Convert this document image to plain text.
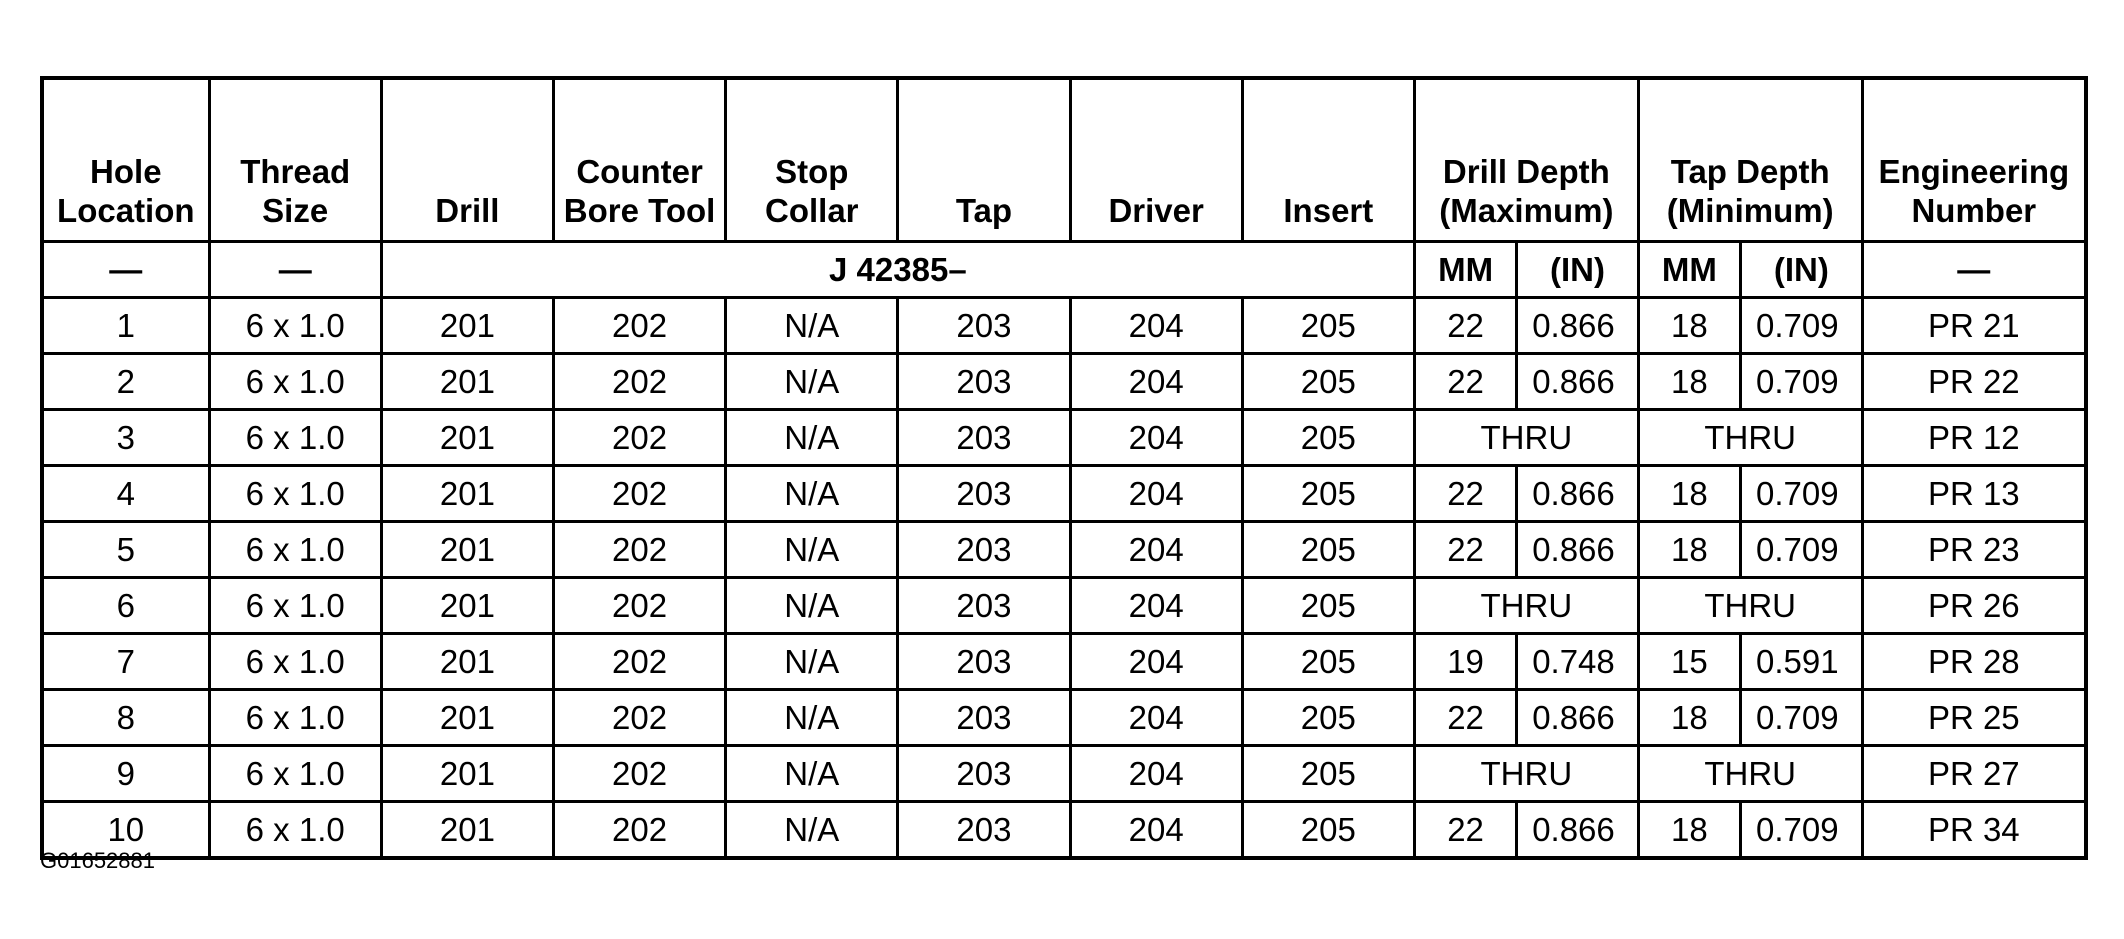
Hole Location	Thread Size	Drill	Counter Bore Tool	Stop Collar	Tap	Driver	Insert	Drill Depth (Maximum)		Tap Depth (Minimum)		Engineering Number
—	—	J 42385–						MM	(IN)	MM	(IN)	—
1	6 x 1.0	201	202	N/A	203	204	205	22	0.866	18	0.709	PR 21
2	6 x 1.0	201	202	N/A	203	204	205	22	0.866	18	0.709	PR 22
3	6 x 1.0	201	202	N/A	203	204	205	THRU		THRU		PR 12
4	6 x 1.0	201	202	N/A	203	204	205	22	0.866	18	0.709	PR 13
5	6 x 1.0	201	202	N/A	203	204	205	22	0.866	18	0.709	PR 23
6	6 x 1.0	201	202	N/A	203	204	205	THRU		THRU		PR 26
7	6 x 1.0	201	202	N/A	203	204	205	19	0.748	15	0.591	PR 28
8	6 x 1.0	201	202	N/A	203	204	205	22	0.866	18	0.709	PR 25
9	6 x 1.0	201	202	N/A	203	204	205	THRU		THRU		PR 27
10	6 x 1.0	201	202	N/A	203	204	205	22	0.866	18	0.709	PR 34
G01652881
